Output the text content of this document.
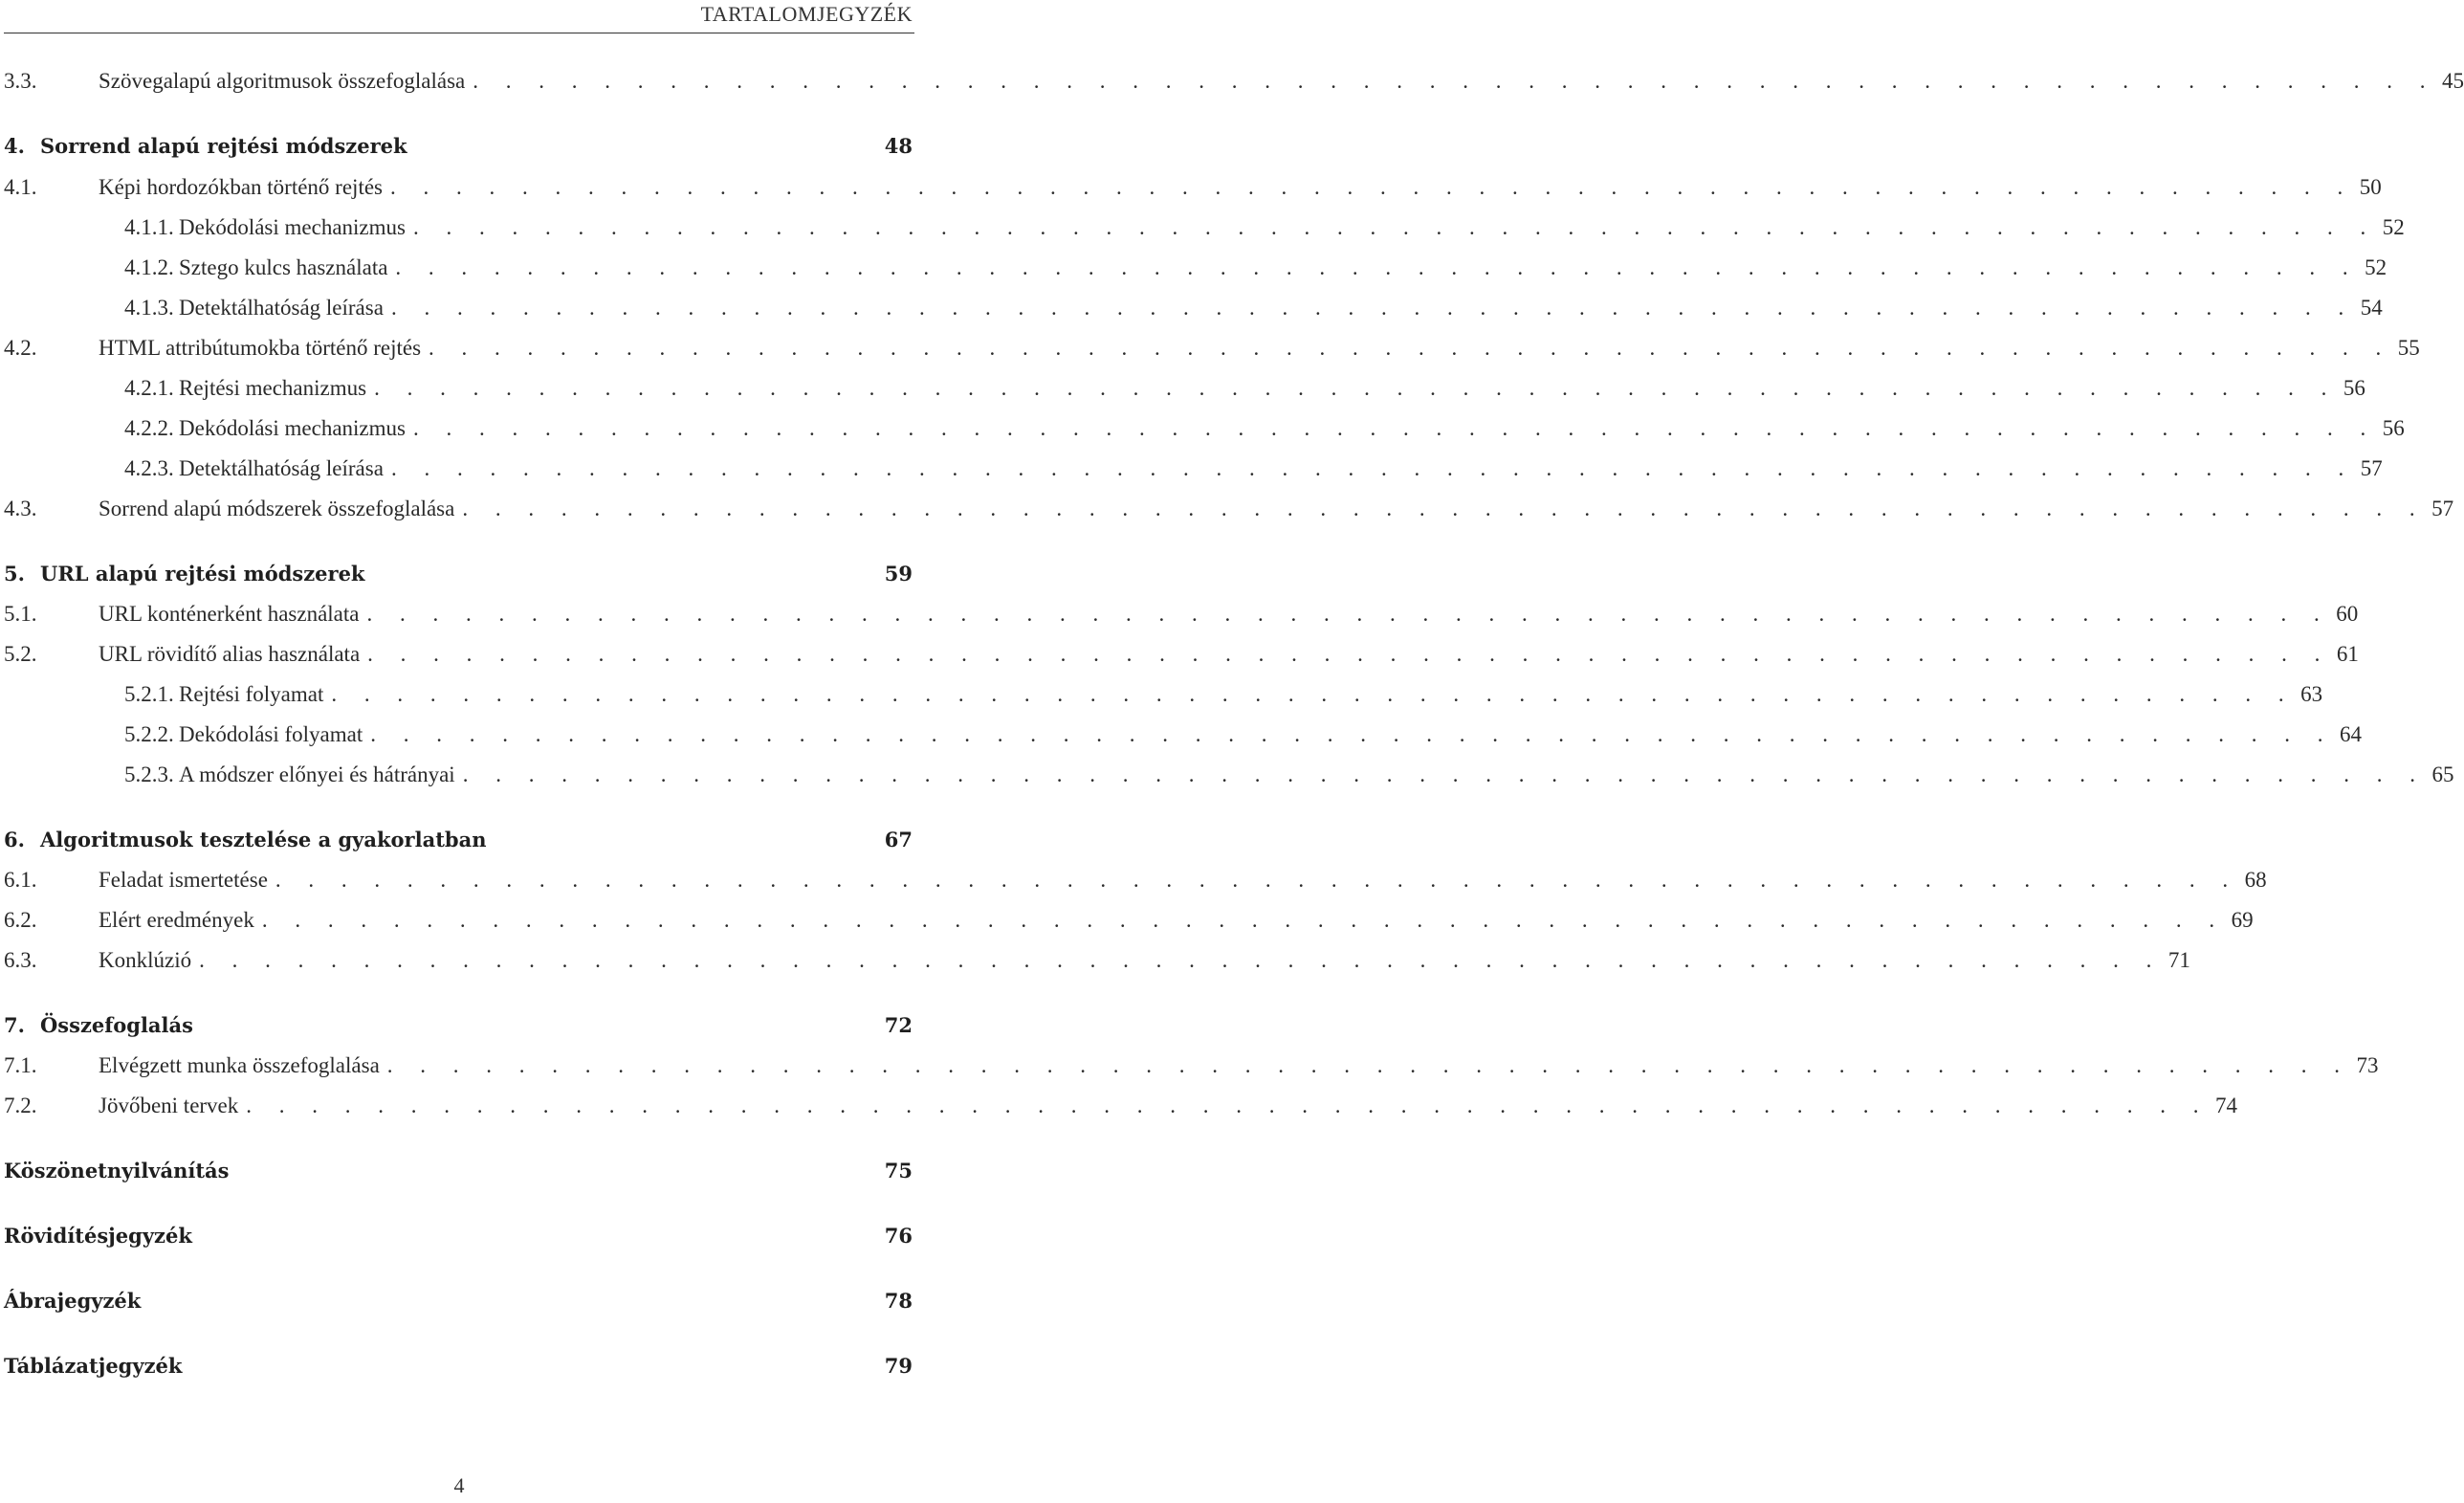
TARTALOMJEGYZÉK
3.3.	Szövegalapú algoritmusok összefoglalása . . . . . . . . . . . . . . . . . . . . . . . . . . . . . . . . . . . . . . . . . . . . . . . . . . . . . . . . . . . . 45
4. Sorrend alapú rejtési módszerek	48
4.1.	Képi hordozókban történő rejtés . . . . . . . . . . . . . . . . . . . . . . . . . . . . . . . . . . . . . . . . . . . . . . . . . . . . . . . . . . . . 50
4.1.1. Dekódolási mechanizmus . . . . . . . . . . . . . . . . . . . . . . . . . . . . . . . . . . . . . . . . . . . . . . . . . . . . . . . . . . . . 52
4.1.2. Sztego kulcs használata . . . . . . . . . . . . . . . . . . . . . . . . . . . . . . . . . . . . . . . . . . . . . . . . . . . . . . . . . . . . 52
4.1.3. Detektálhatóság leírása . . . . . . . . . . . . . . . . . . . . . . . . . . . . . . . . . . . . . . . . . . . . . . . . . . . . . . . . . . . . 54
4.2.	HTML attribútumokba történő rejtés . . . . . . . . . . . . . . . . . . . . . . . . . . . . . . . . . . . . . . . . . . . . . . . . . . . . . . . . . . . . 55
4.2.1. Rejtési mechanizmus . . . . . . . . . . . . . . . . . . . . . . . . . . . . . . . . . . . . . . . . . . . . . . . . . . . . . . . . . . . . 56
4.2.2. Dekódolási mechanizmus . . . . . . . . . . . . . . . . . . . . . . . . . . . . . . . . . . . . . . . . . . . . . . . . . . . . . . . . . . . . 56
4.2.3. Detektálhatóság leírása . . . . . . . . . . . . . . . . . . . . . . . . . . . . . . . . . . . . . . . . . . . . . . . . . . . . . . . . . . . . 57
4.3.	Sorrend alapú módszerek összefoglalása . . . . . . . . . . . . . . . . . . . . . . . . . . . . . . . . . . . . . . . . . . . . . . . . . . . . . . . . . . . . 57
5. URL alapú rejtési módszerek	59
5.1.	URL konténerként használata . . . . . . . . . . . . . . . . . . . . . . . . . . . . . . . . . . . . . . . . . . . . . . . . . . . . . . . . . . . . 60
5.2.	URL rövidítő alias használata . . . . . . . . . . . . . . . . . . . . . . . . . . . . . . . . . . . . . . . . . . . . . . . . . . . . . . . . . . . . 61
5.2.1. Rejtési folyamat . . . . . . . . . . . . . . . . . . . . . . . . . . . . . . . . . . . . . . . . . . . . . . . . . . . . . . . . . . . . 63
5.2.2. Dekódolási folyamat . . . . . . . . . . . . . . . . . . . . . . . . . . . . . . . . . . . . . . . . . . . . . . . . . . . . . . . . . . . . 64
5.2.3. A módszer előnyei és hátrányai . . . . . . . . . . . . . . . . . . . . . . . . . . . . . . . . . . . . . . . . . . . . . . . . . . . . . . . . . . . . 65
6. Algoritmusok tesztelése a gyakorlatban	67
6.1.	Feladat ismertetése . . . . . . . . . . . . . . . . . . . . . . . . . . . . . . . . . . . . . . . . . . . . . . . . . . . . . . . . . . . . 68
6.2.	Elért eredmények . . . . . . . . . . . . . . . . . . . . . . . . . . . . . . . . . . . . . . . . . . . . . . . . . . . . . . . . . . . . 69
6.3.	Konklúzió . . . . . . . . . . . . . . . . . . . . . . . . . . . . . . . . . . . . . . . . . . . . . . . . . . . . . . . . . . . . 71
7. Összefoglalás	72
7.1.	Elvégzett munka összefoglalása . . . . . . . . . . . . . . . . . . . . . . . . . . . . . . . . . . . . . . . . . . . . . . . . . . . . . . . . . . . . 73
7.2.	Jövőbeni tervek . . . . . . . . . . . . . . . . . . . . . . . . . . . . . . . . . . . . . . . . . . . . . . . . . . . . . . . . . . . . 74
Köszönetnyilvánítás	75
Rövidítésjegyzék	76
Ábrajegyzék	78
Táblázatjegyzék	79
4
